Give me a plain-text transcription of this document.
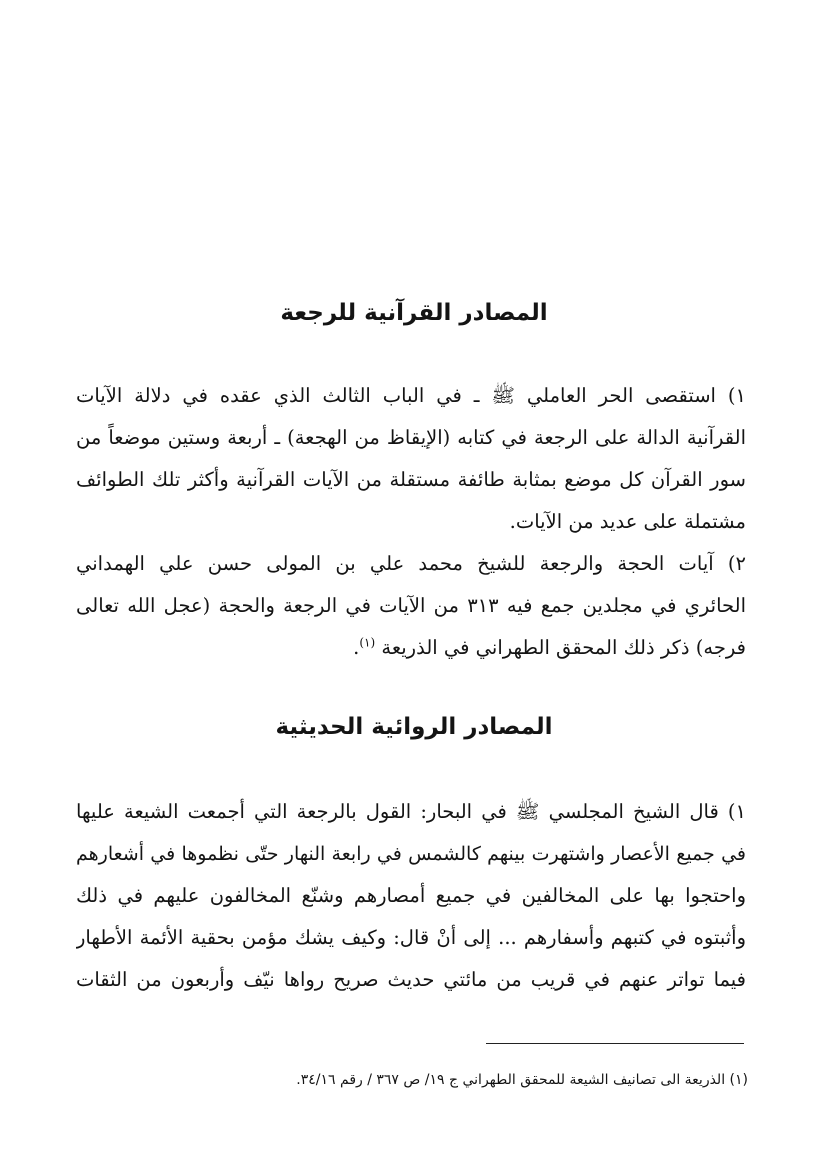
المصادر القرآنية للرجعة
١) استقصى الحر العاملي ﷺ ـ في الباب الثالث الذي عقده في دلالة الآيات
القرآنية الدالة على الرجعة في كتابه (الإيقاظ من الهجعة) ـ أربعة وستين موضعاً من
سور القرآن كل موضع بمثابة طائفة مستقلة من الآيات القرآنية وأكثر تلك الطوائف
مشتملة على عديد من الآيات.
٢) آيات الحجة والرجعة للشيخ محمد علي بن المولى حسن علي الهمداني
الحائري في مجلدين جمع فيه ٣١٣ من الآيات في الرجعة والحجة (عجل الله تعالى
فرجه) ذكر ذلك المحقق الطهراني في الذريعة $^{(١)}$.
المصادر الروائية الحديثية
١) قال الشيخ المجلسي ﷺ في البحار: القول بالرجعة التي أجمعت الشيعة عليها
في جميع الأعصار واشتهرت بينهم كالشمس في رابعة النهار حتّى نظموها في أشعارهم
واحتجوا بها على المخالفين في جميع أمصارهم وشنّع المخالفون عليهم في ذلك
وأثبتوه في كتبهم وأسفارهم ... إلى أنْ قال: وكيف يشك مؤمن بحقية الأئمة الأطهار
فيما تواتر عنهم في قريب من مائتي حديث صريح رواها نيّف وأربعون من الثقات
(١) الذريعة الى تصانيف الشيعة للمحقق الطهراني ج ١٩/ ص ٣٦٧ / رقم ٣٤/١٦.
